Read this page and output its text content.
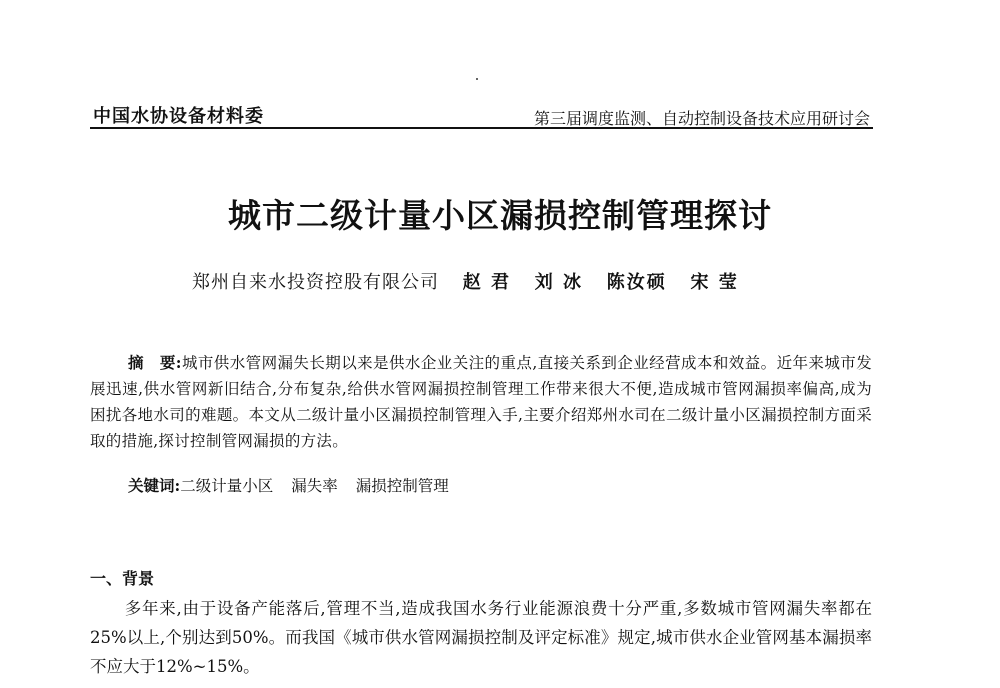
中国水协设备材料委	第三届调度监测、自动控制设备技术应用研讨会
城市二级计量小区漏损控制管理探讨
郑州自来水投资控股有限公司 赵 君 刘 冰 陈汝硕 宋 莹
摘　要:城市供水管网漏失长期以来是供水企业关注的重点,直接关系到企业经营成本和效益。近年来城市发展迅速,供水管网新旧结合,分布复杂,给供水管网漏损控制管理工作带来很大不便,造成城市管网漏损率偏高,成为困扰各地水司的难题。本文从二级计量小区漏损控制管理入手,主要介绍郑州水司在二级计量小区漏损控制方面采取的措施,探讨控制管网漏损的方法。
关键词:二级计量小区 漏失率 漏损控制管理
一、背景
多年来,由于设备产能落后,管理不当,造成我国水务行业能源浪费十分严重,多数城市管网漏失率都在25%以上,个别达到50%。而我国《城市供水管网漏损控制及评定标准》规定,城市供水企业管网基本漏损率不应大于12%~15%。
